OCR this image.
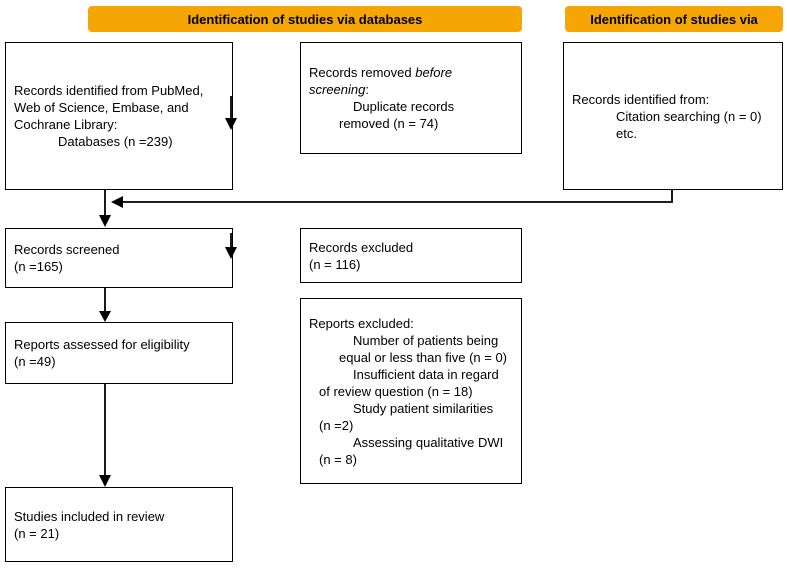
Identification of studies via databases	Identification of studies via
Records identified from PubMed,
Web of Science, Embase, and
Cochrane Library:
Databases (n =239)
Records removed before
screening:
Duplicate records
removed (n = 74)
Records identified from:
Citation searching (n = 0)
etc.
Records screened
(n =165)
Records excluded
(n = 116)
Reports assessed for eligibility
(n =49)
Reports excluded:
Number of patients being
equal or less than five (n = 0)
Insufficient data in regard
of review question (n = 18)
Study patient similarities
(n =2)
Assessing qualitative DWI
(n = 8)
Studies included in review
(n = 21)
